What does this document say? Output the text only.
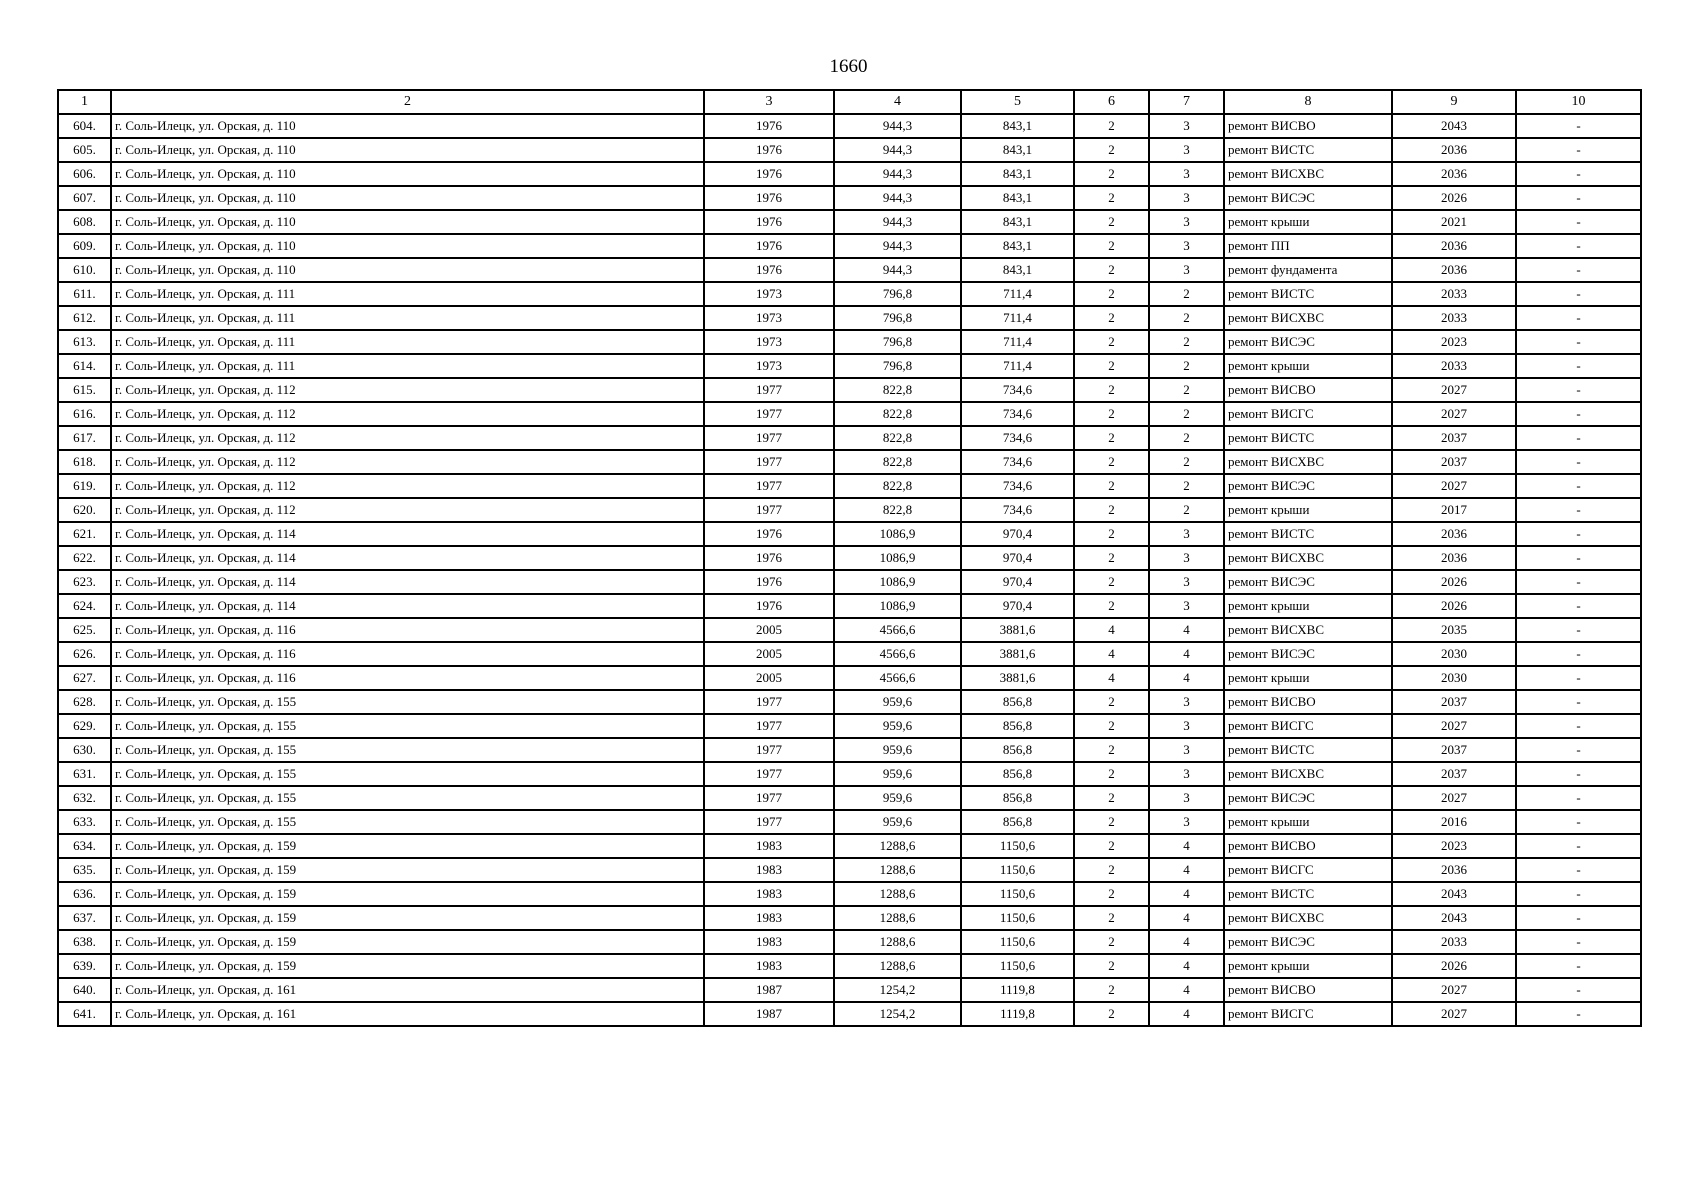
1660
1	2	3	4	5	6	7	8	9	10
604.	г. Соль-Илецк, ул. Орская, д. 110	1976	944,3	843,1	2	3	ремонт ВИСВО	2043	-
605.	г. Соль-Илецк, ул. Орская, д. 110	1976	944,3	843,1	2	3	ремонт ВИСТС	2036	-
606.	г. Соль-Илецк, ул. Орская, д. 110	1976	944,3	843,1	2	3	ремонт ВИСХВС	2036	-
607.	г. Соль-Илецк, ул. Орская, д. 110	1976	944,3	843,1	2	3	ремонт ВИСЭС	2026	-
608.	г. Соль-Илецк, ул. Орская, д. 110	1976	944,3	843,1	2	3	ремонт крыши	2021	-
609.	г. Соль-Илецк, ул. Орская, д. 110	1976	944,3	843,1	2	3	ремонт ПП	2036	-
610.	г. Соль-Илецк, ул. Орская, д. 110	1976	944,3	843,1	2	3	ремонт фундамента	2036	-
611.	г. Соль-Илецк, ул. Орская, д. 111	1973	796,8	711,4	2	2	ремонт ВИСТС	2033	-
612.	г. Соль-Илецк, ул. Орская, д. 111	1973	796,8	711,4	2	2	ремонт ВИСХВС	2033	-
613.	г. Соль-Илецк, ул. Орская, д. 111	1973	796,8	711,4	2	2	ремонт ВИСЭС	2023	-
614.	г. Соль-Илецк, ул. Орская, д. 111	1973	796,8	711,4	2	2	ремонт крыши	2033	-
615.	г. Соль-Илецк, ул. Орская, д. 112	1977	822,8	734,6	2	2	ремонт ВИСВО	2027	-
616.	г. Соль-Илецк, ул. Орская, д. 112	1977	822,8	734,6	2	2	ремонт ВИСГС	2027	-
617.	г. Соль-Илецк, ул. Орская, д. 112	1977	822,8	734,6	2	2	ремонт ВИСТС	2037	-
618.	г. Соль-Илецк, ул. Орская, д. 112	1977	822,8	734,6	2	2	ремонт ВИСХВС	2037	-
619.	г. Соль-Илецк, ул. Орская, д. 112	1977	822,8	734,6	2	2	ремонт ВИСЭС	2027	-
620.	г. Соль-Илецк, ул. Орская, д. 112	1977	822,8	734,6	2	2	ремонт крыши	2017	-
621.	г. Соль-Илецк, ул. Орская, д. 114	1976	1086,9	970,4	2	3	ремонт ВИСТС	2036	-
622.	г. Соль-Илецк, ул. Орская, д. 114	1976	1086,9	970,4	2	3	ремонт ВИСХВС	2036	-
623.	г. Соль-Илецк, ул. Орская, д. 114	1976	1086,9	970,4	2	3	ремонт ВИСЭС	2026	-
624.	г. Соль-Илецк, ул. Орская, д. 114	1976	1086,9	970,4	2	3	ремонт крыши	2026	-
625.	г. Соль-Илецк, ул. Орская, д. 116	2005	4566,6	3881,6	4	4	ремонт ВИСХВС	2035	-
626.	г. Соль-Илецк, ул. Орская, д. 116	2005	4566,6	3881,6	4	4	ремонт ВИСЭС	2030	-
627.	г. Соль-Илецк, ул. Орская, д. 116	2005	4566,6	3881,6	4	4	ремонт крыши	2030	-
628.	г. Соль-Илецк, ул. Орская, д. 155	1977	959,6	856,8	2	3	ремонт ВИСВО	2037	-
629.	г. Соль-Илецк, ул. Орская, д. 155	1977	959,6	856,8	2	3	ремонт ВИСГС	2027	-
630.	г. Соль-Илецк, ул. Орская, д. 155	1977	959,6	856,8	2	3	ремонт ВИСТС	2037	-
631.	г. Соль-Илецк, ул. Орская, д. 155	1977	959,6	856,8	2	3	ремонт ВИСХВС	2037	-
632.	г. Соль-Илецк, ул. Орская, д. 155	1977	959,6	856,8	2	3	ремонт ВИСЭС	2027	-
633.	г. Соль-Илецк, ул. Орская, д. 155	1977	959,6	856,8	2	3	ремонт крыши	2016	-
634.	г. Соль-Илецк, ул. Орская, д. 159	1983	1288,6	1150,6	2	4	ремонт ВИСВО	2023	-
635.	г. Соль-Илецк, ул. Орская, д. 159	1983	1288,6	1150,6	2	4	ремонт ВИСГС	2036	-
636.	г. Соль-Илецк, ул. Орская, д. 159	1983	1288,6	1150,6	2	4	ремонт ВИСТС	2043	-
637.	г. Соль-Илецк, ул. Орская, д. 159	1983	1288,6	1150,6	2	4	ремонт ВИСХВС	2043	-
638.	г. Соль-Илецк, ул. Орская, д. 159	1983	1288,6	1150,6	2	4	ремонт ВИСЭС	2033	-
639.	г. Соль-Илецк, ул. Орская, д. 159	1983	1288,6	1150,6	2	4	ремонт крыши	2026	-
640.	г. Соль-Илецк, ул. Орская, д. 161	1987	1254,2	1119,8	2	4	ремонт ВИСВО	2027	-
641.	г. Соль-Илецк, ул. Орская, д. 161	1987	1254,2	1119,8	2	4	ремонт ВИСГС	2027	-
